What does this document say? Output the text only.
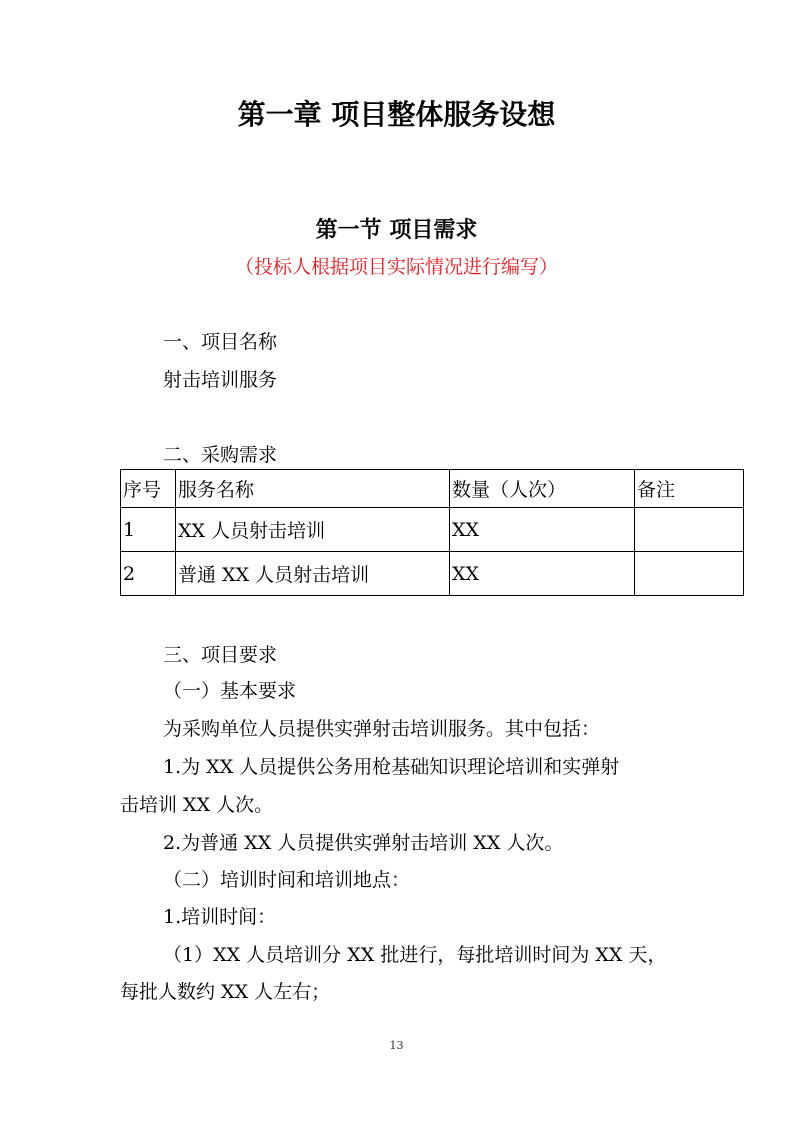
第一章 项目整体服务设想
第一节 项目需求
（投标人根据项目实际情况进行编写）
一、项目名称
射击培训服务
二、采购需求
序号	服务名称	数量（人次）	备注
1	XX 人员射击培训	XX	
2	普通 XX 人员射击培训	XX	
三、项目要求
（一）基本要求
为采购单位人员提供实弹射击培训服务。其中包括：
1.为 XX 人员提供公务用枪基础知识理论培训和实弹射
击培训 XX 人次。
2.为普通 XX 人员提供实弹射击培训 XX 人次。
（二）培训时间和培训地点：
1.培训时间：
（1）XX 人员培训分 XX 批进行，每批培训时间为 XX 天，
每批人数约 XX 人左右；
13
